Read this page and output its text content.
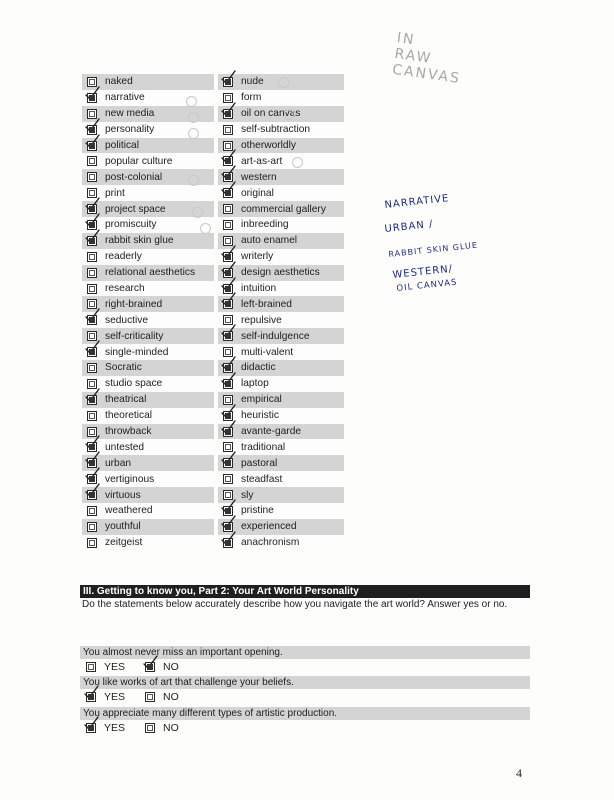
naked
narrative
new media
personality
political
popular culture
post-colonial
print
project space
promiscuity
rabbit skin glue
readerly
relational aesthetics
research
right-brained
seductive
self-criticality
single-minded
Socratic
studio space
theatrical
theoretical
throwback
untested
urban
vertiginous
virtuous
weathered
youthful
zeitgeist
nude
form
oil on canvas
self-subtraction
otherworldly
art-as-art
western
original
commercial gallery
inbreeding
auto enamel
writerly
design aesthetics
intuition
left-brained
repulsive
self-indulgence
multi-valent
didactic
laptop
empirical
heuristic
avante-garde
traditional
pastoral
steadfast
sly
pristine
experienced
anachronism
III. Getting to know you, Part 2: Your Art World Personality
Do the statements below accurately describe how you navigate the art world? Answer yes or no.
You almost never miss an important opening.
YES	NO
You like works of art that challenge your beliefs.
YES	NO
You appreciate many different types of artistic production.
YES	NO
IN
RAW
CANVAS
NARRATIVE
URBAN /
RABBIT SKIN GLUE
WESTERN/
OIL CANVAS
4
